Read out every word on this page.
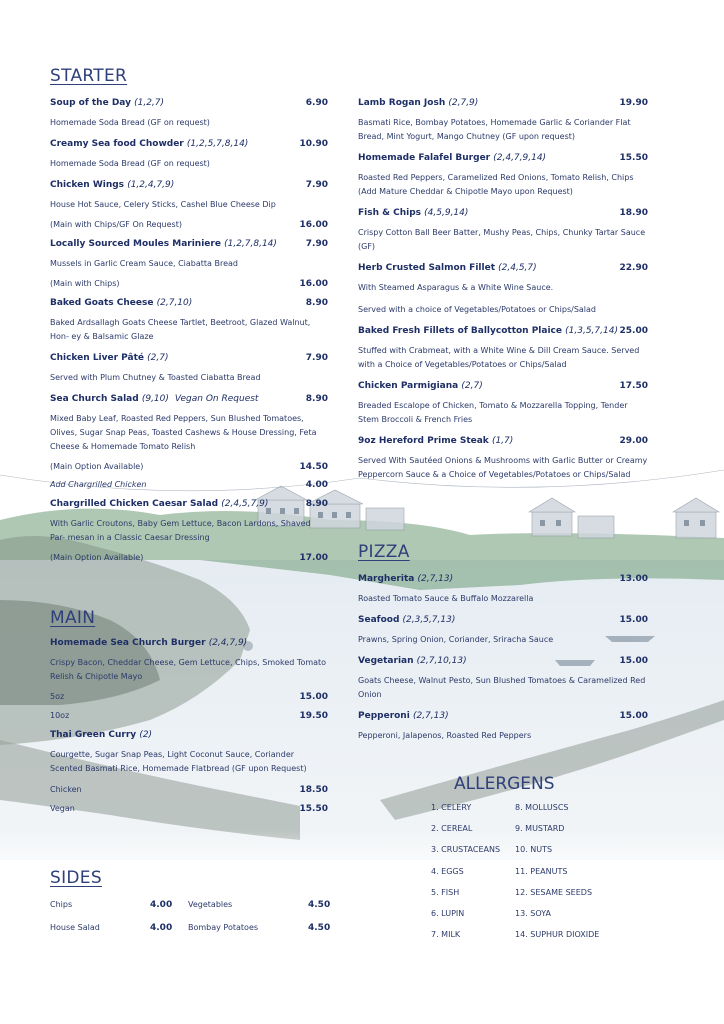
STARTER
Soup of the Day (1,2,7)	6.90
Homemade Soda Bread (GF on request)
Creamy Sea food Chowder (1,2,5,7,8,14)	10.90
Homemade Soda Bread (GF on request)
Chicken Wings (1,2,4,7,9)	7.90
House Hot Sauce, Celery Sticks, Cashel Blue Cheese Dip
(Main with Chips/GF On Request)	16.00
Locally Sourced Moules Mariniere (1,2,7,8,14)	7.90
Mussels in Garlic Cream Sauce, Ciabatta Bread
(Main with Chips)	16.00
Baked Goats Cheese (2,7,10)	8.90
Baked Ardsallagh Goats Cheese Tartlet, Beetroot, Glazed Walnut, Hon- ey & Balsamic Glaze
Chicken Liver Pâté (2,7)	7.90
Served with Plum Chutney & Toasted Ciabatta Bread
Sea Church Salad (9,10) Vegan On Request	8.90
Mixed Baby Leaf, Roasted Red Peppers, Sun Blushed Tomatoes, Olives, Sugar Snap Peas, Toasted Cashews & House Dressing, Feta Cheese & Homemade Tomato Relish
(Main Option Available)	14.50
Add Chargrilled Chicken	4.00
Chargrilled Chicken Caesar Salad (2,4,5,7,9)	8.90
With Garlic Croutons, Baby Gem Lettuce, Bacon Lardons, Shaved Par- mesan in a Classic Caesar Dressing
(Main Option Available)	17.00
MAIN
Homemade Sea Church Burger (2,4,7,9)
Crispy Bacon, Cheddar Cheese, Gem Lettuce, Chips, Smoked Tomato Relish & Chipotle Mayo
5oz	15.00
10oz	19.50
Thai Green Curry (2)
Courgette, Sugar Snap Peas, Light Coconut Sauce, Coriander Scented Basmati Rice, Homemade Flatbread (GF upon Request)
Chicken	18.50
Vegan	15.50
Lamb Rogan Josh (2,7,9)	19.90
Basmati Rice, Bombay Potatoes, Homemade Garlic & Coriander Flat Bread, Mint Yogurt, Mango Chutney (GF upon request)
Homemade Falafel Burger (2,4,7,9,14)	15.50
Roasted Red Peppers, Caramelized Red Onions, Tomato Relish, Chips (Add Mature Cheddar & Chipotle Mayo upon Request)
Fish & Chips (4,5,9,14)	18.90
Crispy Cotton Ball Beer Batter, Mushy Peas, Chips, Chunky Tartar Sauce (GF)
Herb Crusted Salmon Fillet (2,4,5,7)	22.90
With Steamed Asparagus & a White Wine Sauce.
Served with a choice of Vegetables/Potatoes or Chips/Salad
Baked Fresh Fillets of Ballycotton Plaice (1,3,5,7,14) 25.00
Stuffed with Crabmeat, with a White Wine & Dill Cream Sauce. Served with a Choice of Vegetables/Potatoes or Chips/Salad
Chicken Parmigiana (2,7)	17.50
Breaded Escalope of Chicken, Tomato & Mozzarella Topping, Tender Stem Broccoli & French Fries
9oz Hereford Prime Steak (1,7)	29.00
Served With Sautéed Onions & Mushrooms with Garlic Butter or Creamy Peppercorn Sauce & a Choice of Vegetables/Potatoes or Chips/Salad
PIZZA
Margherita (2,7,13)	13.00
Roasted Tomato Sauce & Buffalo Mozzarella
Seafood (2,3,5,7,13)	15.00
Prawns, Spring Onion, Coriander, Sriracha Sauce
Vegetarian (2,7,10,13)	15.00
Goats Cheese, Walnut Pesto, Sun Blushed Tomatoes & Caramelized Red Onion
Pepperoni (2,7,13)	15.00
Pepperoni, Jalapenos, Roasted Red Peppers
SIDES
Chips	4.00	Vegetables	4.50
House Salad	4.00	Bombay Potatoes	4.50
ALLERGENS
1. CELERY	8. MOLLUSCS
2. CEREAL	9. MUSTARD
3. CRUSTACEANS	10. NUTS
4. EGGS	11. PEANUTS
5. FISH	12. SESAME SEEDS
6. LUPIN	13. SOYA
7. MILK	14. SUPHUR DIOXIDE
